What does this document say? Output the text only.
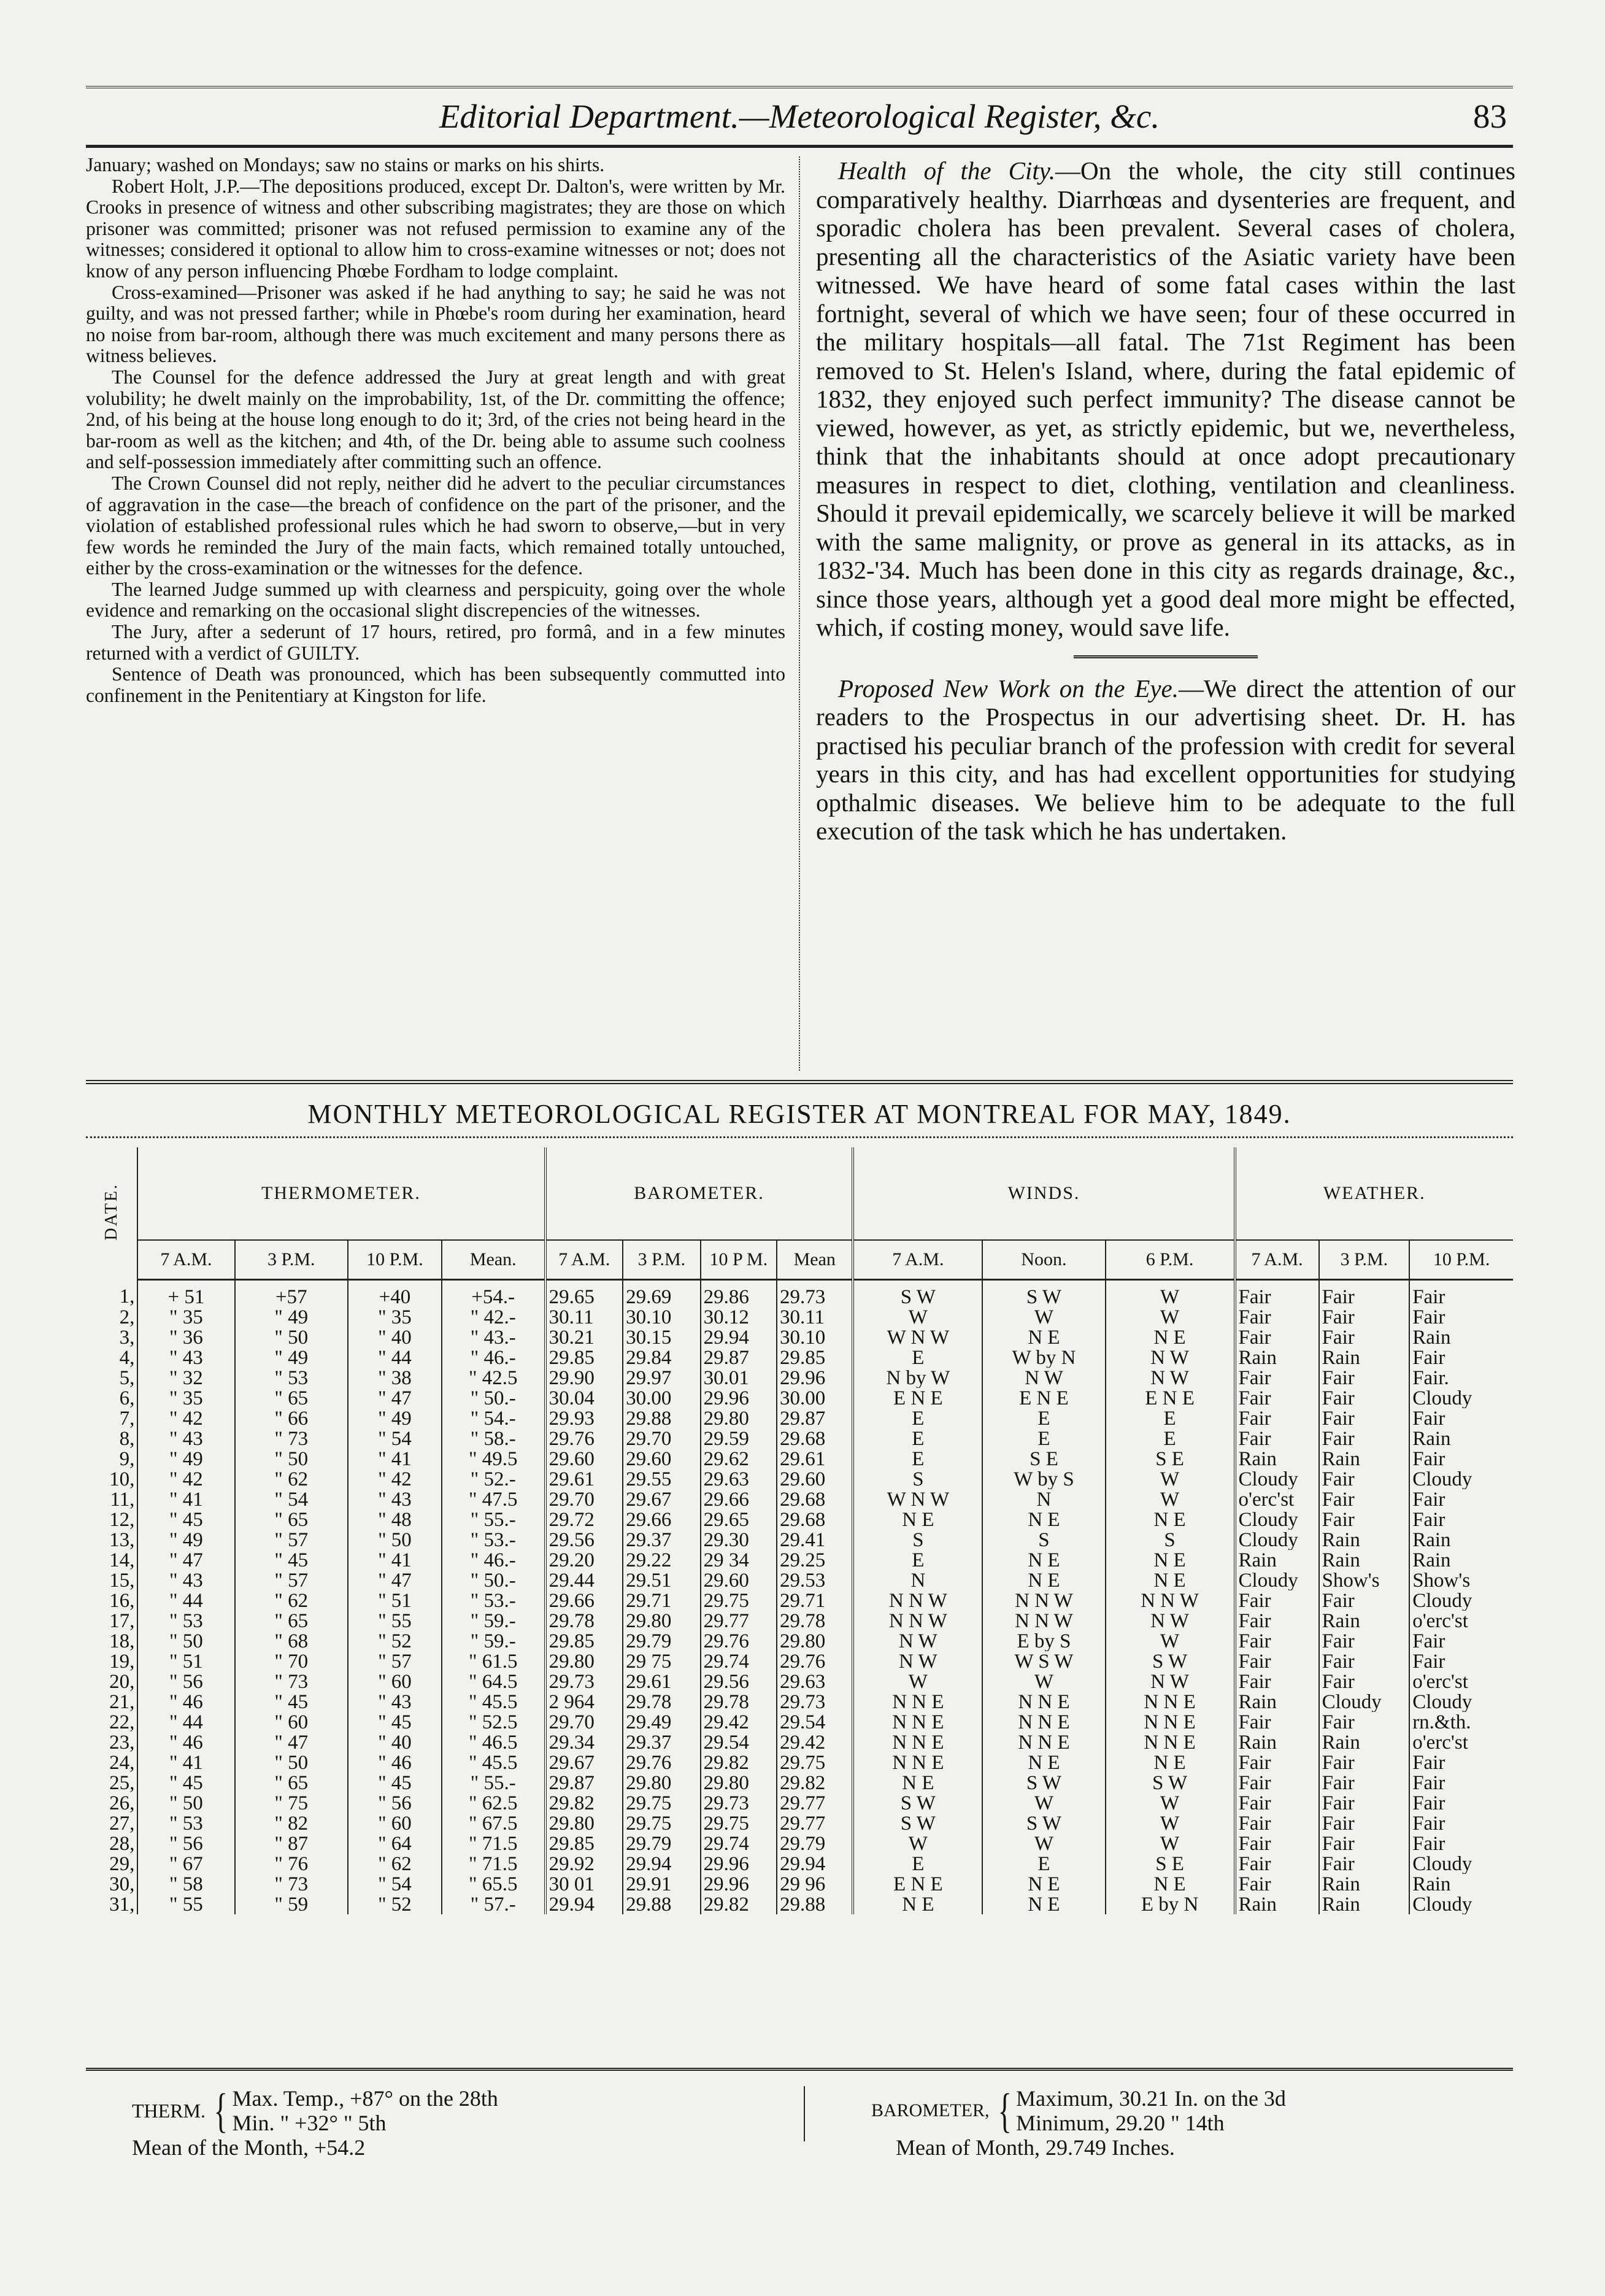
Editorial Department.—Meteorological Register, &c.	83

January; washed on Mondays; saw no stains or marks on his shirts.

Robert Holt, J.P.—The depositions produced, except Dr. Dalton's, were written by Mr. Crooks in presence of witness and other subscribing magistrates; they are those on which prisoner was committed; prisoner was not refused permission to examine any of the witnesses; considered it optional to allow him to cross-examine witnesses or not; does not know of any person influencing Phœbe Fordham to lodge complaint.

Cross-examined—Prisoner was asked if he had anything to say; he said he was not guilty, and was not pressed farther; while in Phœbe's room during her examination, heard no noise from bar-room, although there was much excitement and many persons there as witness believes.

The Counsel for the defence addressed the Jury at great length and with great volubility; he dwelt mainly on the improbability, 1st, of the Dr. committing the offence; 2nd, of his being at the house long enough to do it; 3rd, of the cries not being heard in the bar-room as well as the kitchen; and 4th, of the Dr. being able to assume such coolness and self-possession immediately after committing such an offence.

The Crown Counsel did not reply, neither did he advert to the peculiar circumstances of aggravation in the case—the breach of confidence on the part of the prisoner, and the violation of established professional rules which he had sworn to observe,—but in very few words he reminded the Jury of the main facts, which remained totally untouched, either by the cross-examination or the witnesses for the defence.

The learned Judge summed up with clearness and perspicuity, going over the whole evidence and remarking on the occasional slight discrepencies of the witnesses.

The Jury, after a sederunt of 17 hours, retired, pro formâ, and in a few minutes returned with a verdict of GUILTY.

Sentence of Death was pronounced, which has been subsequently commutted into confinement in the Penitentiary at Kingston for life.

Health of the City.—On the whole, the city still continues comparatively healthy. Diarrhœas and dysenteries are frequent, and sporadic cholera has been prevalent. Several cases of cholera, presenting all the characteristics of the Asiatic variety have been witnessed. We have heard of some fatal cases within the last fortnight, several of which we have seen; four of these occurred in the military hospitals—all fatal. The 71st Regiment has been removed to St. Helen's Island, where, during the fatal epidemic of 1832, they enjoyed such perfect immunity? The disease cannot be viewed, however, as yet, as strictly epidemic, but we, nevertheless, think that the inhabitants should at once adopt precautionary measures in respect to diet, clothing, ventilation and cleanliness. Should it prevail epidemically, we scarcely believe it will be marked with the same malignity, or prove as general in its attacks, as in 1832-'34. Much has been done in this city as regards drainage, &c., since those years, although yet a good deal more might be effected, which, if costing money, would save life.

Proposed New Work on the Eye.—We direct the attention of our readers to the Prospectus in our advertising sheet. Dr. H. has practised his peculiar branch of the profession with credit for several years in this city, and has had excellent opportunities for studying opthalmic diseases. We believe him to be adequate to the full execution of the task which he has undertaken.

MONTHLY METEOROLOGICAL REGISTER AT MONTREAL FOR MAY, 1849.
DATE.	THERMOMETER.				BAROMETER.				WINDS.			WEATHER.		
	7 A.M.	3 P.M.	10 P.M.	Mean.	7 A.M.	3 P.M.	10 P M.	Mean	7 A.M.	Noon.	6 P.M.	7 A.M.	3 P.M.	10 P.M.
1,	+ 51	+57	+40	+54.-	29.65	29.69	29.86	29.73	S W	S W	W	Fair	Fair	Fair
2,	" 35	" 49	" 35	" 42.-	30.11	30.10	30.12	30.11	W	W	W	Fair	Fair	Fair
3,	" 36	" 50	" 40	" 43.-	30.21	30.15	29.94	30.10	W N W	N E	N E	Fair	Fair	Rain
4,	" 43	" 49	" 44	" 46.-	29.85	29.84	29.87	29.85	E	W by N	N W	Rain	Rain	Fair
5,	" 32	" 53	" 38	" 42.5	29.90	29.97	30.01	29.96	N by W	N W	N W	Fair	Fair	Fair.
6,	" 35	" 65	" 47	" 50.-	30.04	30.00	29.96	30.00	E N E	E N E	E N E	Fair	Fair	Cloudy
7,	" 42	" 66	" 49	" 54.-	29.93	29.88	29.80	29.87	E	E	E	Fair	Fair	Fair
8,	" 43	" 73	" 54	" 58.-	29.76	29.70	29.59	29.68	E	E	E	Fair	Fair	Rain
9,	" 49	" 50	" 41	" 49.5	29.60	29.60	29.62	29.61	E	S E	S E	Rain	Rain	Fair
10,	" 42	" 62	" 42	" 52.-	29.61	29.55	29.63	29.60	S	W by S	W	Cloudy	Fair	Cloudy
11,	" 41	" 54	" 43	" 47.5	29.70	29.67	29.66	29.68	W N W	N	W	o'erc'st	Fair	Fair
12,	" 45	" 65	" 48	" 55.-	29.72	29.66	29.65	29.68	N E	N E	N E	Cloudy	Fair	Fair
13,	" 49	" 57	" 50	" 53.-	29.56	29.37	29.30	29.41	S	S	S	Cloudy	Rain	Rain
14,	" 47	" 45	" 41	" 46.-	29.20	29.22	29 34	29.25	E	N E	N E	Rain	Rain	Rain
15,	" 43	" 57	" 47	" 50.-	29.44	29.51	29.60	29.53	N	N E	N E	Cloudy	Show's	Show's
16,	" 44	" 62	" 51	" 53.-	29.66	29.71	29.75	29.71	N N W	N N W	N N W	Fair	Fair	Cloudy
17,	" 53	" 65	" 55	" 59.-	29.78	29.80	29.77	29.78	N N W	N N W	N W	Fair	Rain	o'erc'st
18,	" 50	" 68	" 52	" 59.-	29.85	29.79	29.76	29.80	N W	E by S	W	Fair	Fair	Fair
19,	" 51	" 70	" 57	" 61.5	29.80	29 75	29.74	29.76	N W	W S W	S W	Fair	Fair	Fair
20,	" 56	" 73	" 60	" 64.5	29.73	29.61	29.56	29.63	W	W	N W	Fair	Fair	o'erc'st
21,	" 46	" 45	" 43	" 45.5	2 964	29.78	29.78	29.73	N N E	N N E	N N E	Rain	Cloudy	Cloudy
22,	" 44	" 60	" 45	" 52.5	29.70	29.49	29.42	29.54	N N E	N N E	N N E	Fair	Fair	rn.&th.
23,	" 46	" 47	" 40	" 46.5	29.34	29.37	29.54	29.42	N N E	N N E	N N E	Rain	Rain	o'erc'st
24,	" 41	" 50	" 46	" 45.5	29.67	29.76	29.82	29.75	N N E	N E	N E	Fair	Fair	Fair
25,	" 45	" 65	" 45	" 55.-	29.87	29.80	29.80	29.82	N E	S W	S W	Fair	Fair	Fair
26,	" 50	" 75	" 56	" 62.5	29.82	29.75	29.73	29.77	S W	W	W	Fair	Fair	Fair
27,	" 53	" 82	" 60	" 67.5	29.80	29.75	29.75	29.77	S W	S W	W	Fair	Fair	Fair
28,	" 56	" 87	" 64	" 71.5	29.85	29.79	29.74	29.79	W	W	W	Fair	Fair	Fair
29,	" 67	" 76	" 62	" 71.5	29.92	29.94	29.96	29.94	E	E	S E	Fair	Fair	Cloudy
30,	" 58	" 73	" 54	" 65.5	30 01	29.91	29.96	29 96	E N E	N E	N E	Fair	Rain	Rain
31,	" 55	" 59	" 52	" 57.-	29.94	29.88	29.82	29.88	N E	N E	E by N	Rain	Rain	Cloudy
THERM. { Max. Temp., +87° on the 28th
Min. " +32° " 5th
Mean of the Month, +54.2
BAROMETER, { Maximum, 30.21 In. on the 3d
Minimum, 29.20 " 14th
Mean of Month, 29.749 Inches.
